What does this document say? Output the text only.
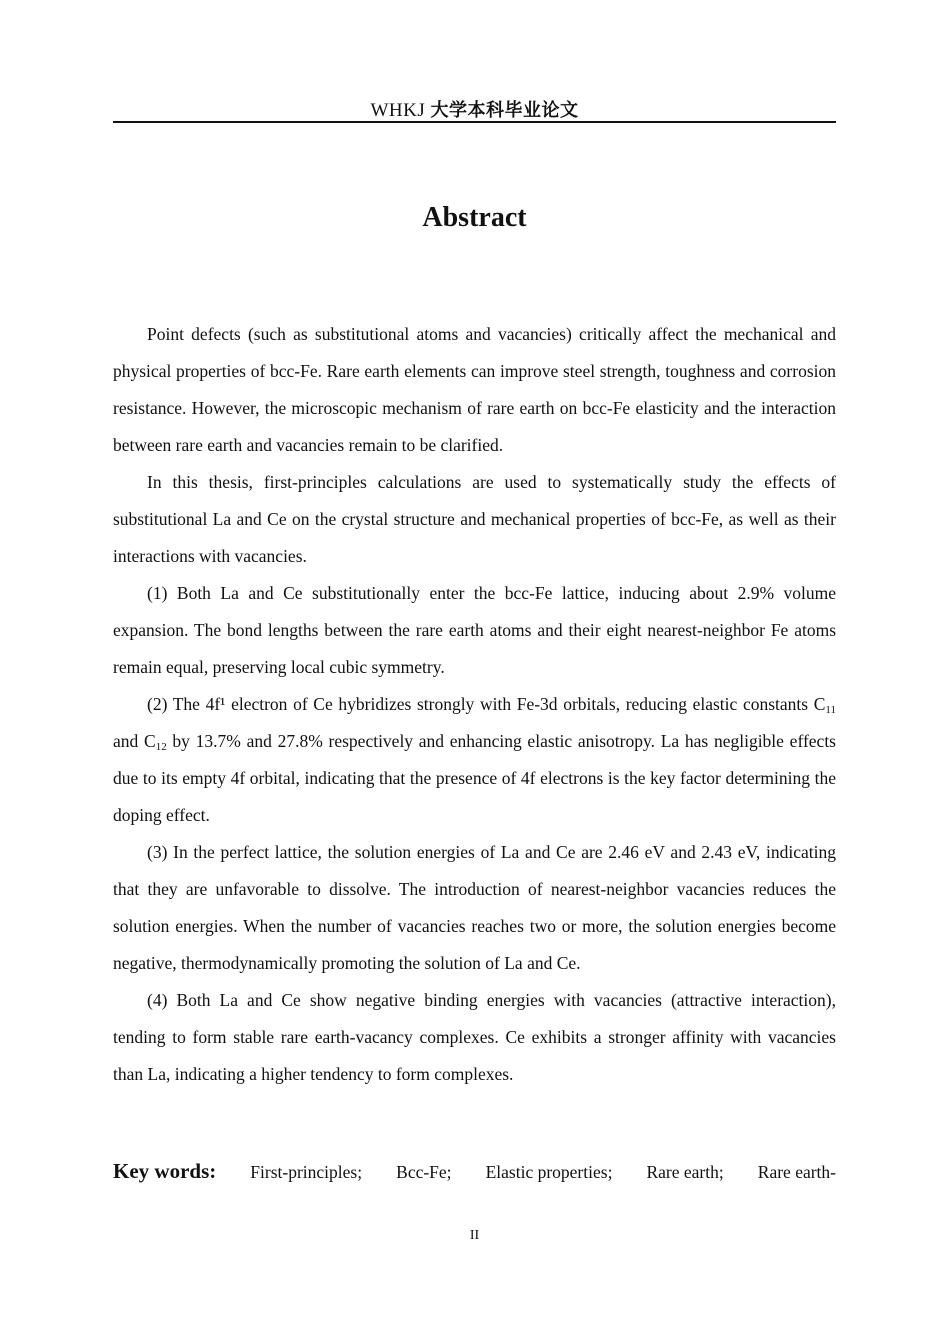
WHKJ 大学本科毕业论文
Abstract

Point defects (such as substitutional atoms and vacancies) critically affect the mechanical and physical properties of bcc-Fe. Rare earth elements can improve steel strength, toughness and corrosion resistance. However, the microscopic mechanism of rare earth on bcc-Fe elasticity and the interaction between rare earth and vacancies remain to be clarified.

In this thesis, first-principles calculations are used to systematically study the effects of substitutional La and Ce on the crystal structure and mechanical properties of bcc-Fe, as well as their interactions with vacancies.

(1) Both La and Ce substitutionally enter the bcc-Fe lattice, inducing about 2.9% volume expansion. The bond lengths between the rare earth atoms and their eight nearest-neighbor Fe atoms remain equal, preserving local cubic symmetry.

(2) The 4f¹ electron of Ce hybridizes strongly with Fe-3d orbitals, reducing elastic constants $C_{11}$ and $C_{12}$ by 13.7% and 27.8% respectively and enhancing elastic anisotropy. La has negligible effects due to its empty 4f orbital, indicating that the presence of 4f electrons is the key factor determining the doping effect.

(3) In the perfect lattice, the solution energies of La and Ce are 2.46 eV and 2.43 eV, indicating that they are unfavorable to dissolve. The introduction of nearest-neighbor vacancies reduces the solution energies. When the number of vacancies reaches two or more, the solution energies become negative, thermodynamically promoting the solution of La and Ce.

(4) Both La and Ce show negative binding energies with vacancies (attractive interaction), tending to form stable rare earth-vacancy complexes. Ce exhibits a stronger affinity with vacancies than La, indicating a higher tendency to form complexes.

Key words: First-principles; Bcc-Fe; Elastic properties; Rare earth; Rare earth-
II
